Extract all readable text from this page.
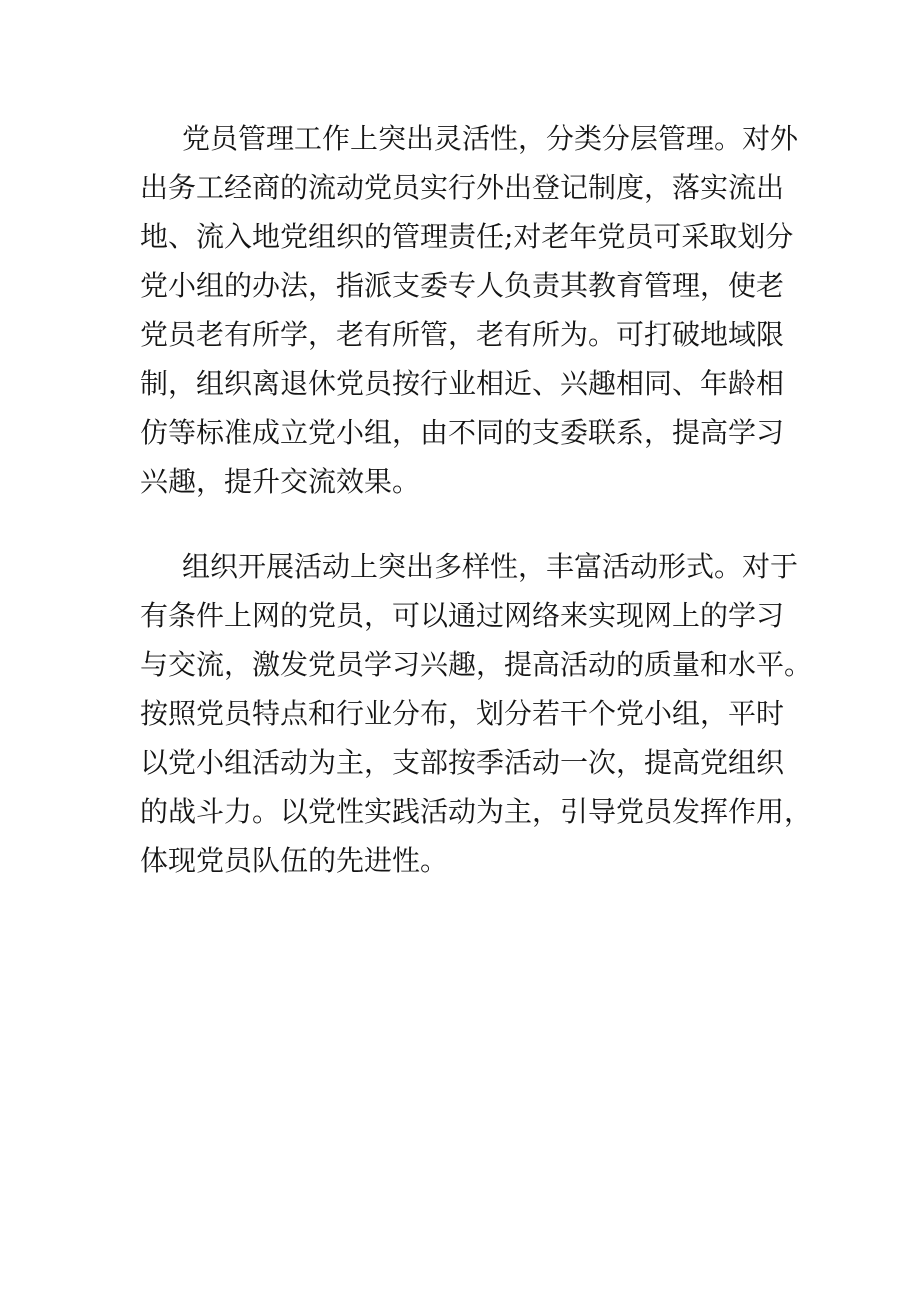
党员管理工作上突出灵活性，分类分层管理。对外
出务工经商的流动党员实行外出登记制度，落实流出
地、流入地党组织的管理责任;对老年党员可采取划分
党小组的办法，指派支委专人负责其教育管理，使老
党员老有所学，老有所管，老有所为。可打破地域限
制，组织离退休党员按行业相近、兴趣相同、年龄相
仿等标准成立党小组，由不同的支委联系，提高学习
兴趣，提升交流效果。
组织开展活动上突出多样性，丰富活动形式。对于
有条件上网的党员，可以通过网络来实现网上的学习
与交流，激发党员学习兴趣，提高活动的质量和水平。
按照党员特点和行业分布，划分若干个党小组，平时
以党小组活动为主，支部按季活动一次，提高党组织
的战斗力。以党性实践活动为主，引导党员发挥作用，
体现党员队伍的先进性。
